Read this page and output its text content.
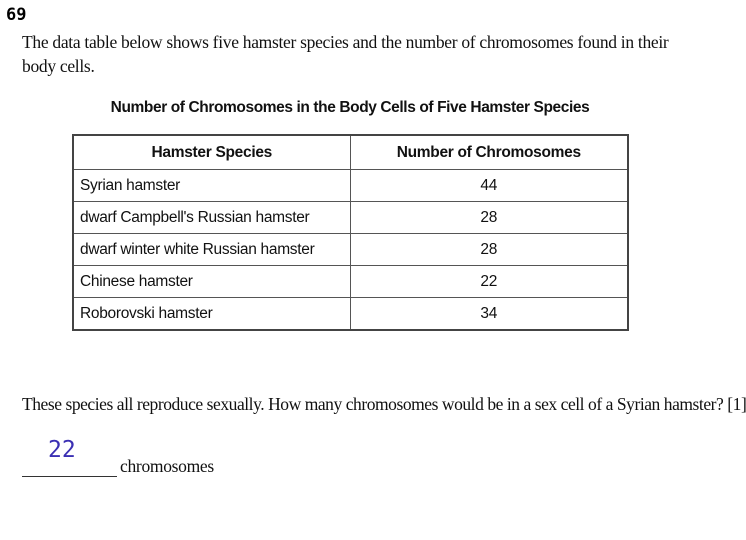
69
The data table below shows five hamster species and the number of chromosomes found in their body cells.
Number of Chromosomes in the Body Cells of Five Hamster Species
Hamster Species	Number of Chromosomes
Syrian hamster	44
dwarf Campbell's Russian hamster	28
dwarf winter white Russian hamster	28
Chinese hamster	22
Roborovski hamster	34
These species all reproduce sexually. How many chromosomes would be in a sex cell of a Syrian hamster? [1]
22
chromosomes
